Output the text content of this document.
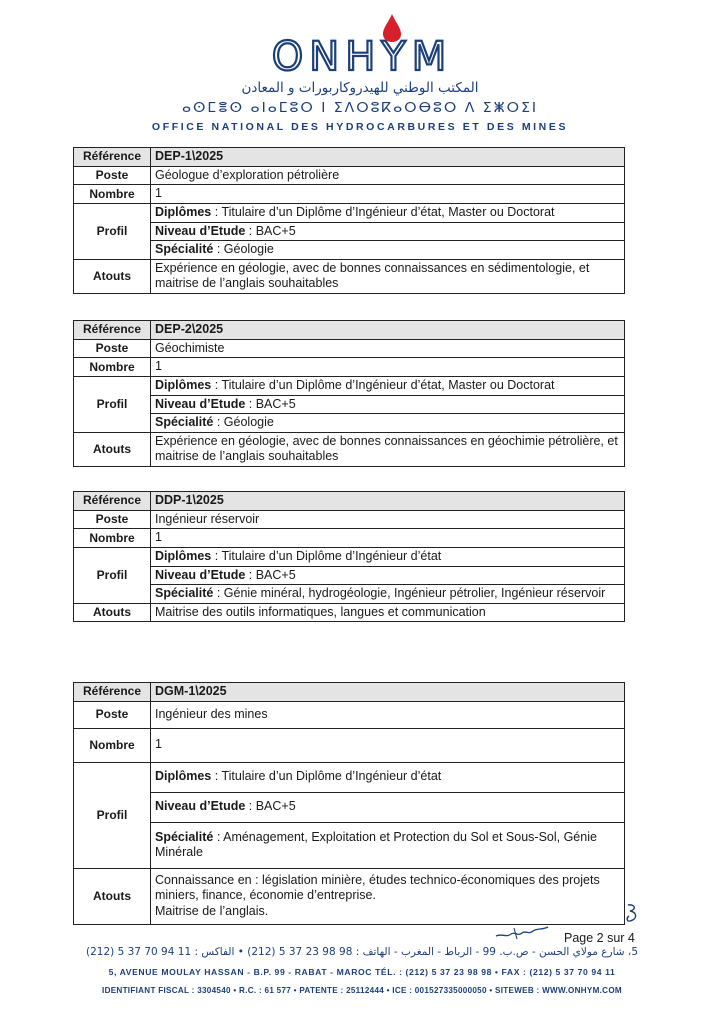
ONHYM
المكتب الوطني للهيدروكاربورات و المعادن
ⴰⵙⵎⴻⵙ ⴰⵏⴰⵎⵓⵔ ⵏ ⵉⴷⵔⵓⴽⴰⵔⴱⵓⵔ ⴷ ⵉⵥⵔⵉⵏ
OFFICE NATIONAL DES HYDROCARBURES ET DES MINES
Référence	DEP-1\2025
Poste	Géologue d’exploration pétrolière
Nombre	1
Profil	Diplômes : Titulaire d’un Diplôme d’Ingénieur d’état, Master ou Doctorat
	Niveau d’Etude : BAC+5
	Spécialité : Géologie
Atouts	Expérience en géologie, avec de bonnes connaissances en sédimentologie, et maitrise de l’anglais souhaitables
Référence	DEP-2\2025
Poste	Géochimiste
Nombre	1
Profil	Diplômes : Titulaire d’un Diplôme d’Ingénieur d’état, Master ou Doctorat
	Niveau d’Etude : BAC+5
	Spécialité : Géologie
Atouts	Expérience en géologie, avec de bonnes connaissances en géochimie pétrolière, et maitrise de l’anglais souhaitables
Référence	DDP-1\2025
Poste	Ingénieur réservoir
Nombre	1
Profil	Diplômes : Titulaire d’un Diplôme d’Ingénieur d’état
	Niveau d’Etude : BAC+5
	Spécialité : Génie minéral, hydrogéologie, Ingénieur pétrolier, Ingénieur réservoir
Atouts	Maitrise des outils informatiques, langues et communication
Référence	DGM-1\2025
Poste	Ingénieur des mines
Nombre	1
Profil	Diplômes : Titulaire d’un Diplôme d’Ingénieur d’état
	Niveau d’Etude : BAC+5
	Spécialité : Aménagement, Exploitation et Protection du Sol et Sous-Sol, Génie Minérale
Atouts	Connaissance en : législation minière, études technico-économiques des projets miniers, finance, économie d’entreprise.
Maitrise de l’anglais.
Page 2 sur 4
5، شارع مولاي الحسن - ص.ب. 99 - الرباط - المغرب - الهاتف : 98 98 23 37 5 (212) • الفاكس : 11 94 70 37 5 (212)
5, AVENUE MOULAY HASSAN - B.P. 99 - RABAT - MAROC TÉL. : (212) 5 37 23 98 98 • FAX : (212) 5 37 70 94 11
IDENTIFIANT FISCAL : 3304540 • R.C. : 61 577 • PATENTE : 25112444 • ICE : 001527335000050 • SITEWEB : WWW.ONHYM.COM
